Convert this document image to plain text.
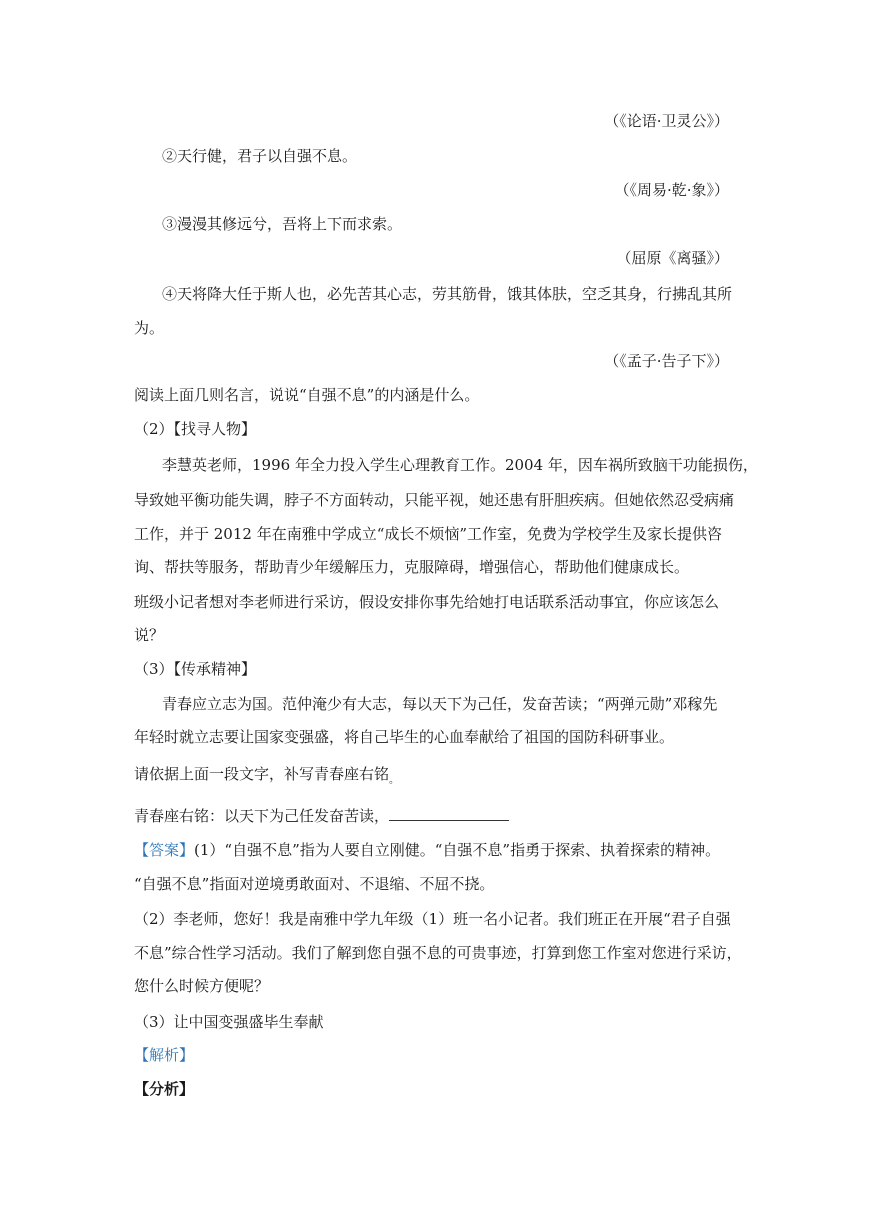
（《论语·卫灵公》）
②天行健，君子以自强不息。
（《周易·乾·象》）
③漫漫其修远兮，吾将上下而求索。
（屈原《离骚》）
④天将降大任于斯人也，必先苦其心志，劳其筋骨，饿其体肤，空乏其身，行拂乱其所
为。
（《孟子·告子下》）
阅读上面几则名言，说说“自强不息”的内涵是什么。
（2）【找寻人物】
李慧英老师，1996 年全力投入学生心理教育工作。2004 年，因车祸所致脑干功能损伤，
导致她平衡功能失调，脖子不方面转动，只能平视，她还患有肝胆疾病。但她依然忍受病痛
工作，并于 2012 年在南雅中学成立“成长不烦恼”工作室，免费为学校学生及家长提供咨
询、帮扶等服务，帮助青少年缓解压力，克服障碍，增强信心，帮助他们健康成长。
班级小记者想对李老师进行采访，假设安排你事先给她打电话联系活动事宜，你应该怎么
说？
（3）【传承精神】
青春应立志为国。范仲淹少有大志，每以天下为己任，发奋苦读；“两弹元勋”邓稼先
年轻时就立志要让国家变强盛，将自己毕生的心血奉献给了祖国的国防科研事业。
请依据上面一段文字，补写青春座右铭$_。$
青春座右铭：以天下为己任发奋苦读，
【答案】(1）“自强不息”指为人要自立刚健。“自强不息”指勇于探索、执着探索的精神。
“自强不息”指面对逆境勇敢面对、不退缩、不屈不挠。
（2）李老师，您好！我是南雅中学九年级（1）班一名小记者。我们班正在开展“君子自强
不息”综合性学习活动。我们了解到您自强不息的可贵事迹，打算到您工作室对您进行采访，
您什么时候方便呢？
（3）让中国变强盛毕生奉献
【解析】
【分析】
